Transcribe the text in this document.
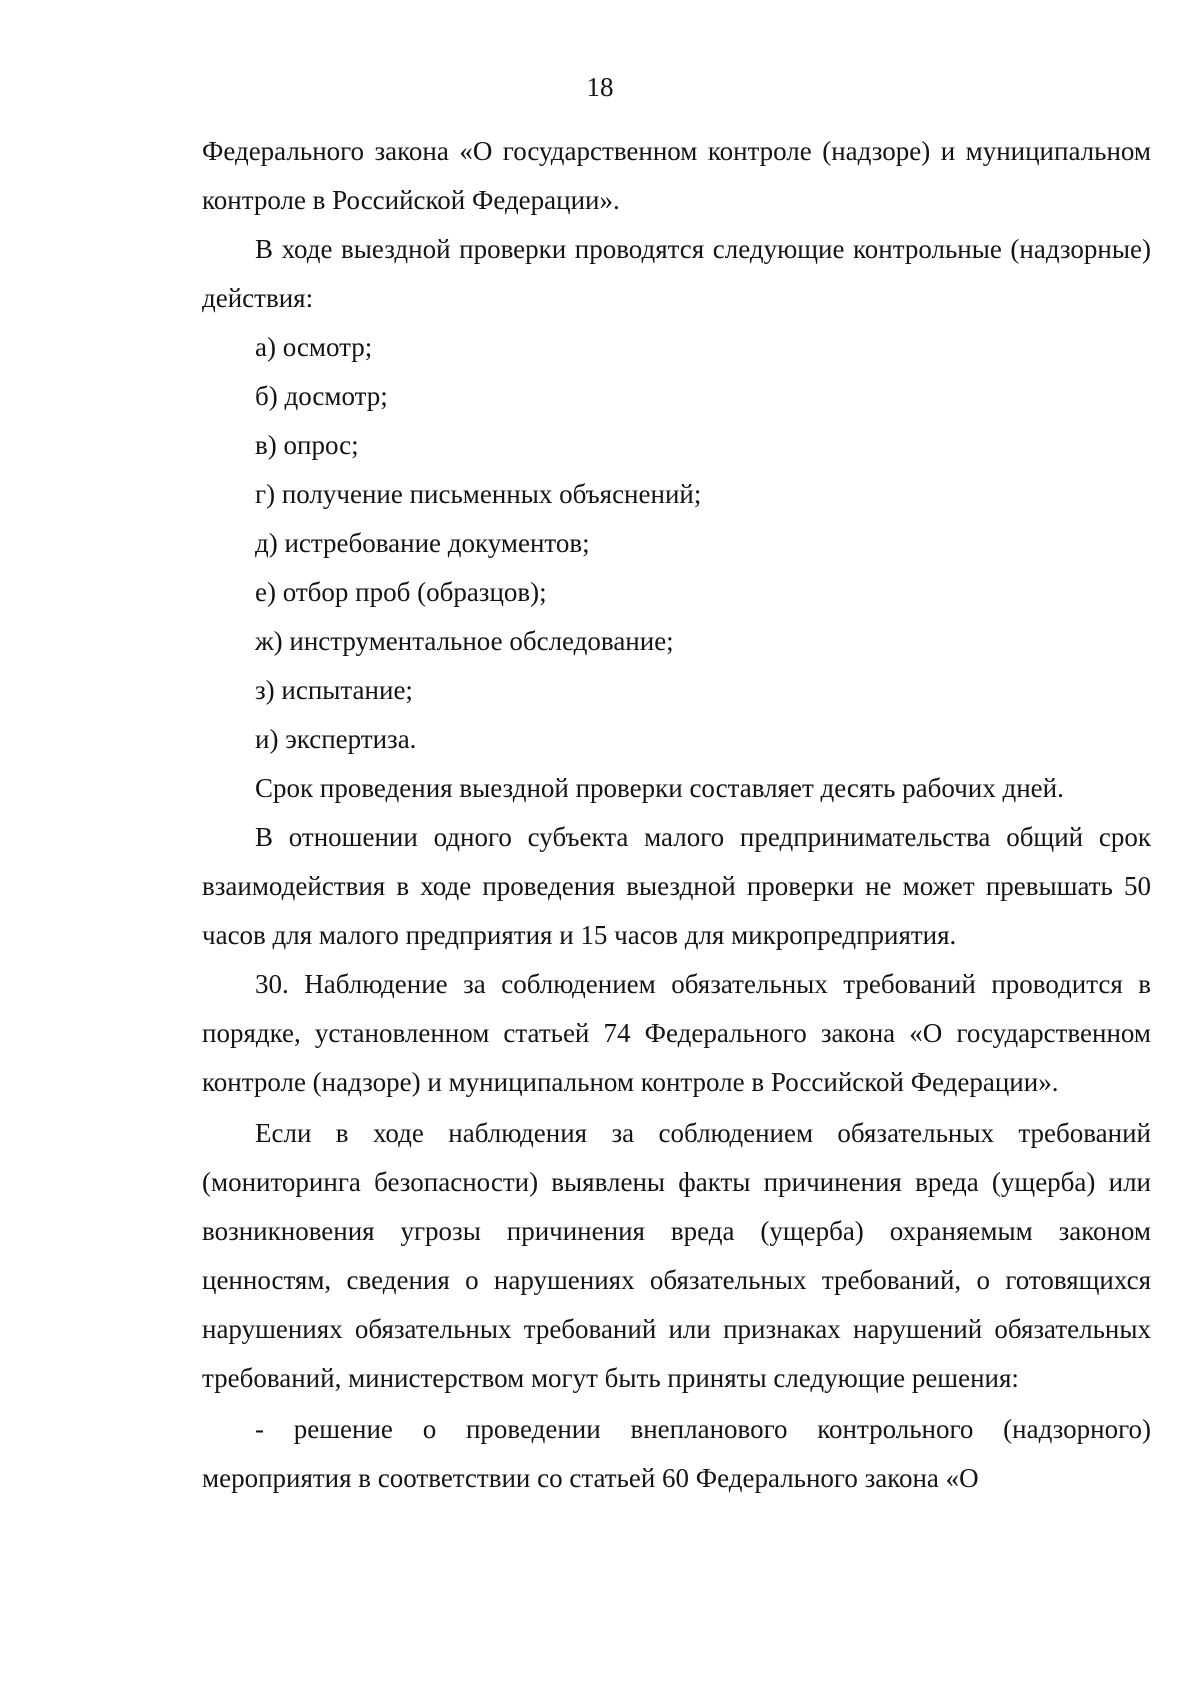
18

Федерального закона «О государственном контроле (надзоре) и муниципальном контроле в Российской Федерации».

В ходе выездной проверки проводятся следующие контрольные (надзорные) действия:

а) осмотр;

б) досмотр;

в) опрос;

г) получение письменных объяснений;

д) истребование документов;

е) отбор проб (образцов);

ж) инструментальное обследование;

з) испытание;

и) экспертиза.

Срок проведения выездной проверки составляет десять рабочих дней.

В отношении одного субъекта малого предпринимательства общий срок взаимодействия в ходе проведения выездной проверки не может превышать 50 часов для малого предприятия и 15 часов для микропредприятия.

30. Наблюдение за соблюдением обязательных требований проводится в порядке, установленном статьей 74 Федерального закона «О государственном контроле (надзоре) и муниципальном контроле в Российской Федерации».

Если в ходе наблюдения за соблюдением обязательных требований (мониторинга безопасности) выявлены факты причинения вреда (ущерба) или возникновения угрозы причинения вреда (ущерба) охраняемым законом ценностям, сведения о нарушениях обязательных требований, о готовящихся нарушениях обязательных требований или признаках нарушений обязательных требований, министерством могут быть приняты следующие решения:

- решение о проведении внепланового контрольного (надзорного) мероприятия в соответствии со статьей 60 Федерального закона «О
